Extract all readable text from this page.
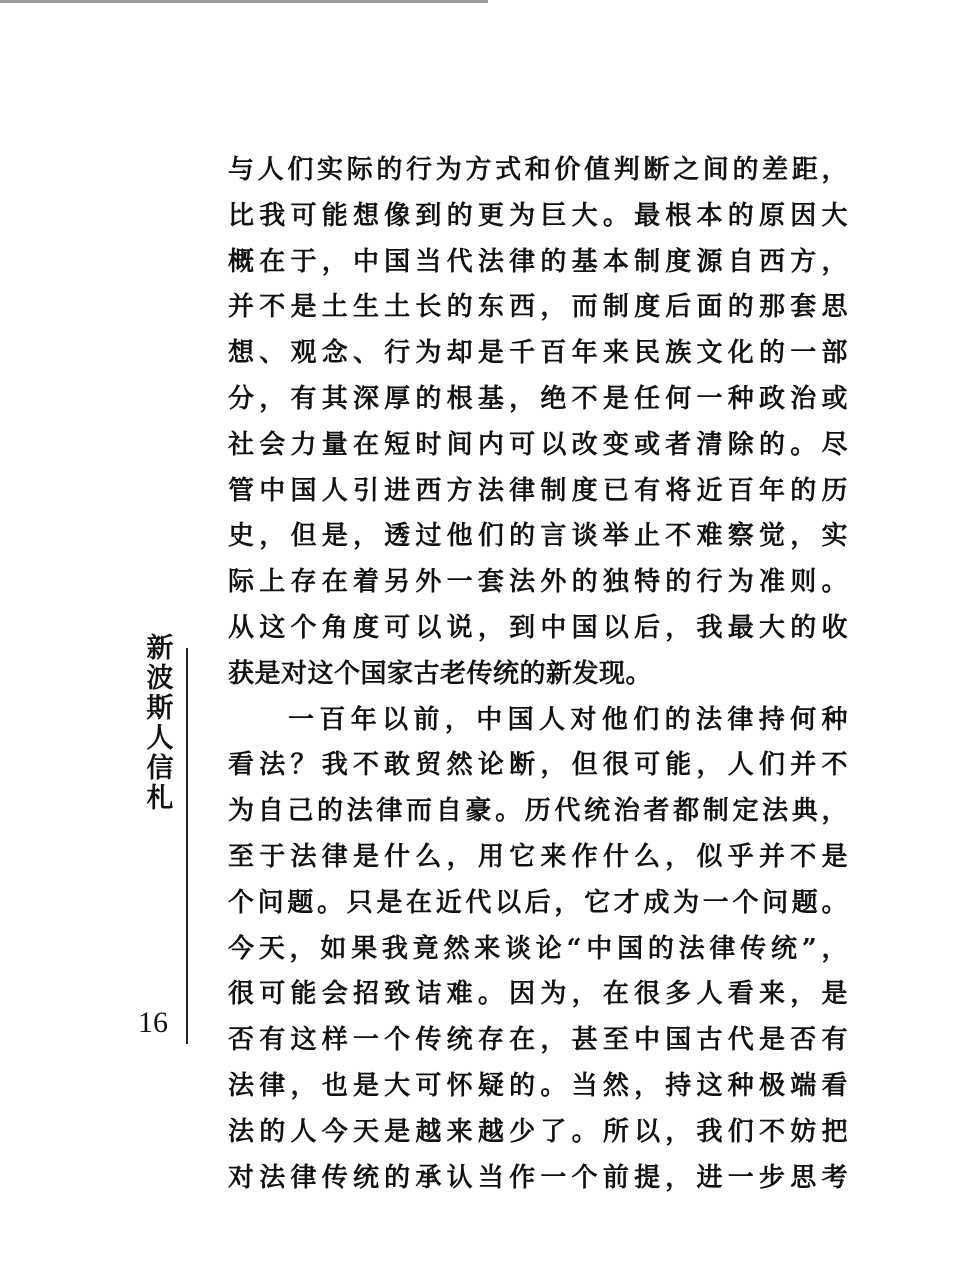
与人们实际的行为方式和价值判断之间的差距，
比我可能想像到的更为巨大。最根本的原因大
概在于，中国当代法律的基本制度源自西方，
并不是土生土长的东西，而制度后面的那套思
想、观念、行为却是千百年来民族文化的一部
分，有其深厚的根基，绝不是任何一种政治或
社会力量在短时间内可以改变或者清除的。尽
管中国人引进西方法律制度已有将近百年的历
史，但是，透过他们的言谈举止不难察觉，实
际上存在着另外一套法外的独特的行为准则。
从这个角度可以说，到中国以后，我最大的收
获是对这个国家古老传统的新发现。
一百年以前，中国人对他们的法律持何种
看法？我不敢贸然论断，但很可能，人们并不
为自己的法律而自豪。历代统治者都制定法典，
至于法律是什么，用它来作什么，似乎并不是
个问题。只是在近代以后，它才成为一个问题。
今天，如果我竟然来谈论“中国的法律传统”，
很可能会招致诘难。因为，在很多人看来，是
否有这样一个传统存在，甚至中国古代是否有
法律，也是大可怀疑的。当然，持这种极端看
法的人今天是越来越少了。所以，我们不妨把
对法律传统的承认当作一个前提，进一步思考
新
波
斯
人
信
札
16
